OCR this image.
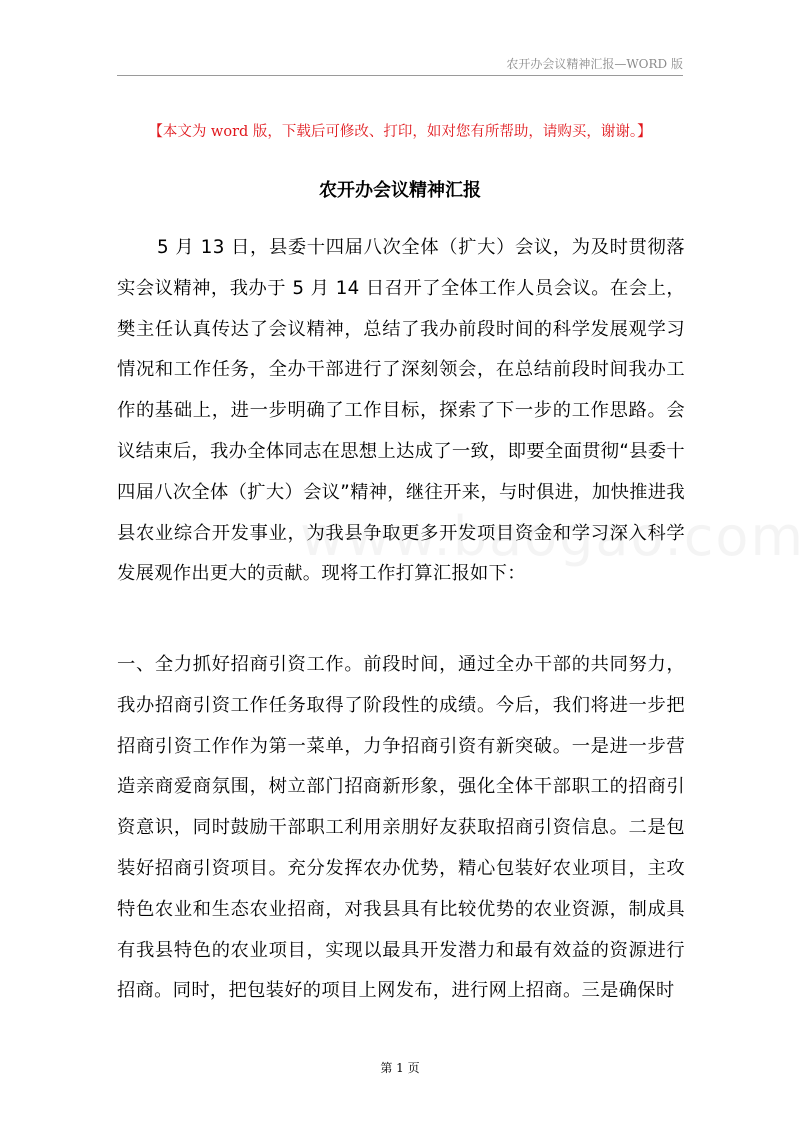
农开办会议精神汇报—WORD 版
【本文为 word 版，下载后可修改、打印，如对您有所帮助，请购买，谢谢。】
农开办会议精神汇报
5 月 13 日，县委十四届八次全体（扩大）会议，为及时贯彻落实会议精神，我办于 5 月 14 日召开了全体工作人员会议。在会上，樊主任认真传达了会议精神，总结了我办前段时间的科学发展观学习情况和工作任务，全办干部进行了深刻领会，在总结前段时间我办工作的基础上，进一步明确了工作目标，探索了下一步的工作思路。会议结束后，我办全体同志在思想上达成了一致，即要全面贯彻“县委十四届八次全体（扩大）会议”精神，继往开来，与时俱进，加快推进我县农业综合开发事业，为我县争取更多开发项目资金和学习深入科学发展观作出更大的贡献。现将工作打算汇报如下：
一、全力抓好招商引资工作。前段时间，通过全办干部的共同努力，我办招商引资工作任务取得了阶段性的成绩。今后，我们将进一步把招商引资工作作为第一菜单，力争招商引资有新突破。一是进一步营造亲商爱商氛围，树立部门招商新形象，强化全体干部职工的招商引资意识，同时鼓励干部职工利用亲朋好友获取招商引资信息。二是包装好招商引资项目。充分发挥农办优势，精心包装好农业项目，主攻特色农业和生态农业招商，对我县具有比较优势的农业资源，制成具有我县特色的农业项目，实现以最具开发潜力和最有效益的资源进行招商。同时，把包装好的项目上网发布，进行网上招商。三是确保时
第 1 页
